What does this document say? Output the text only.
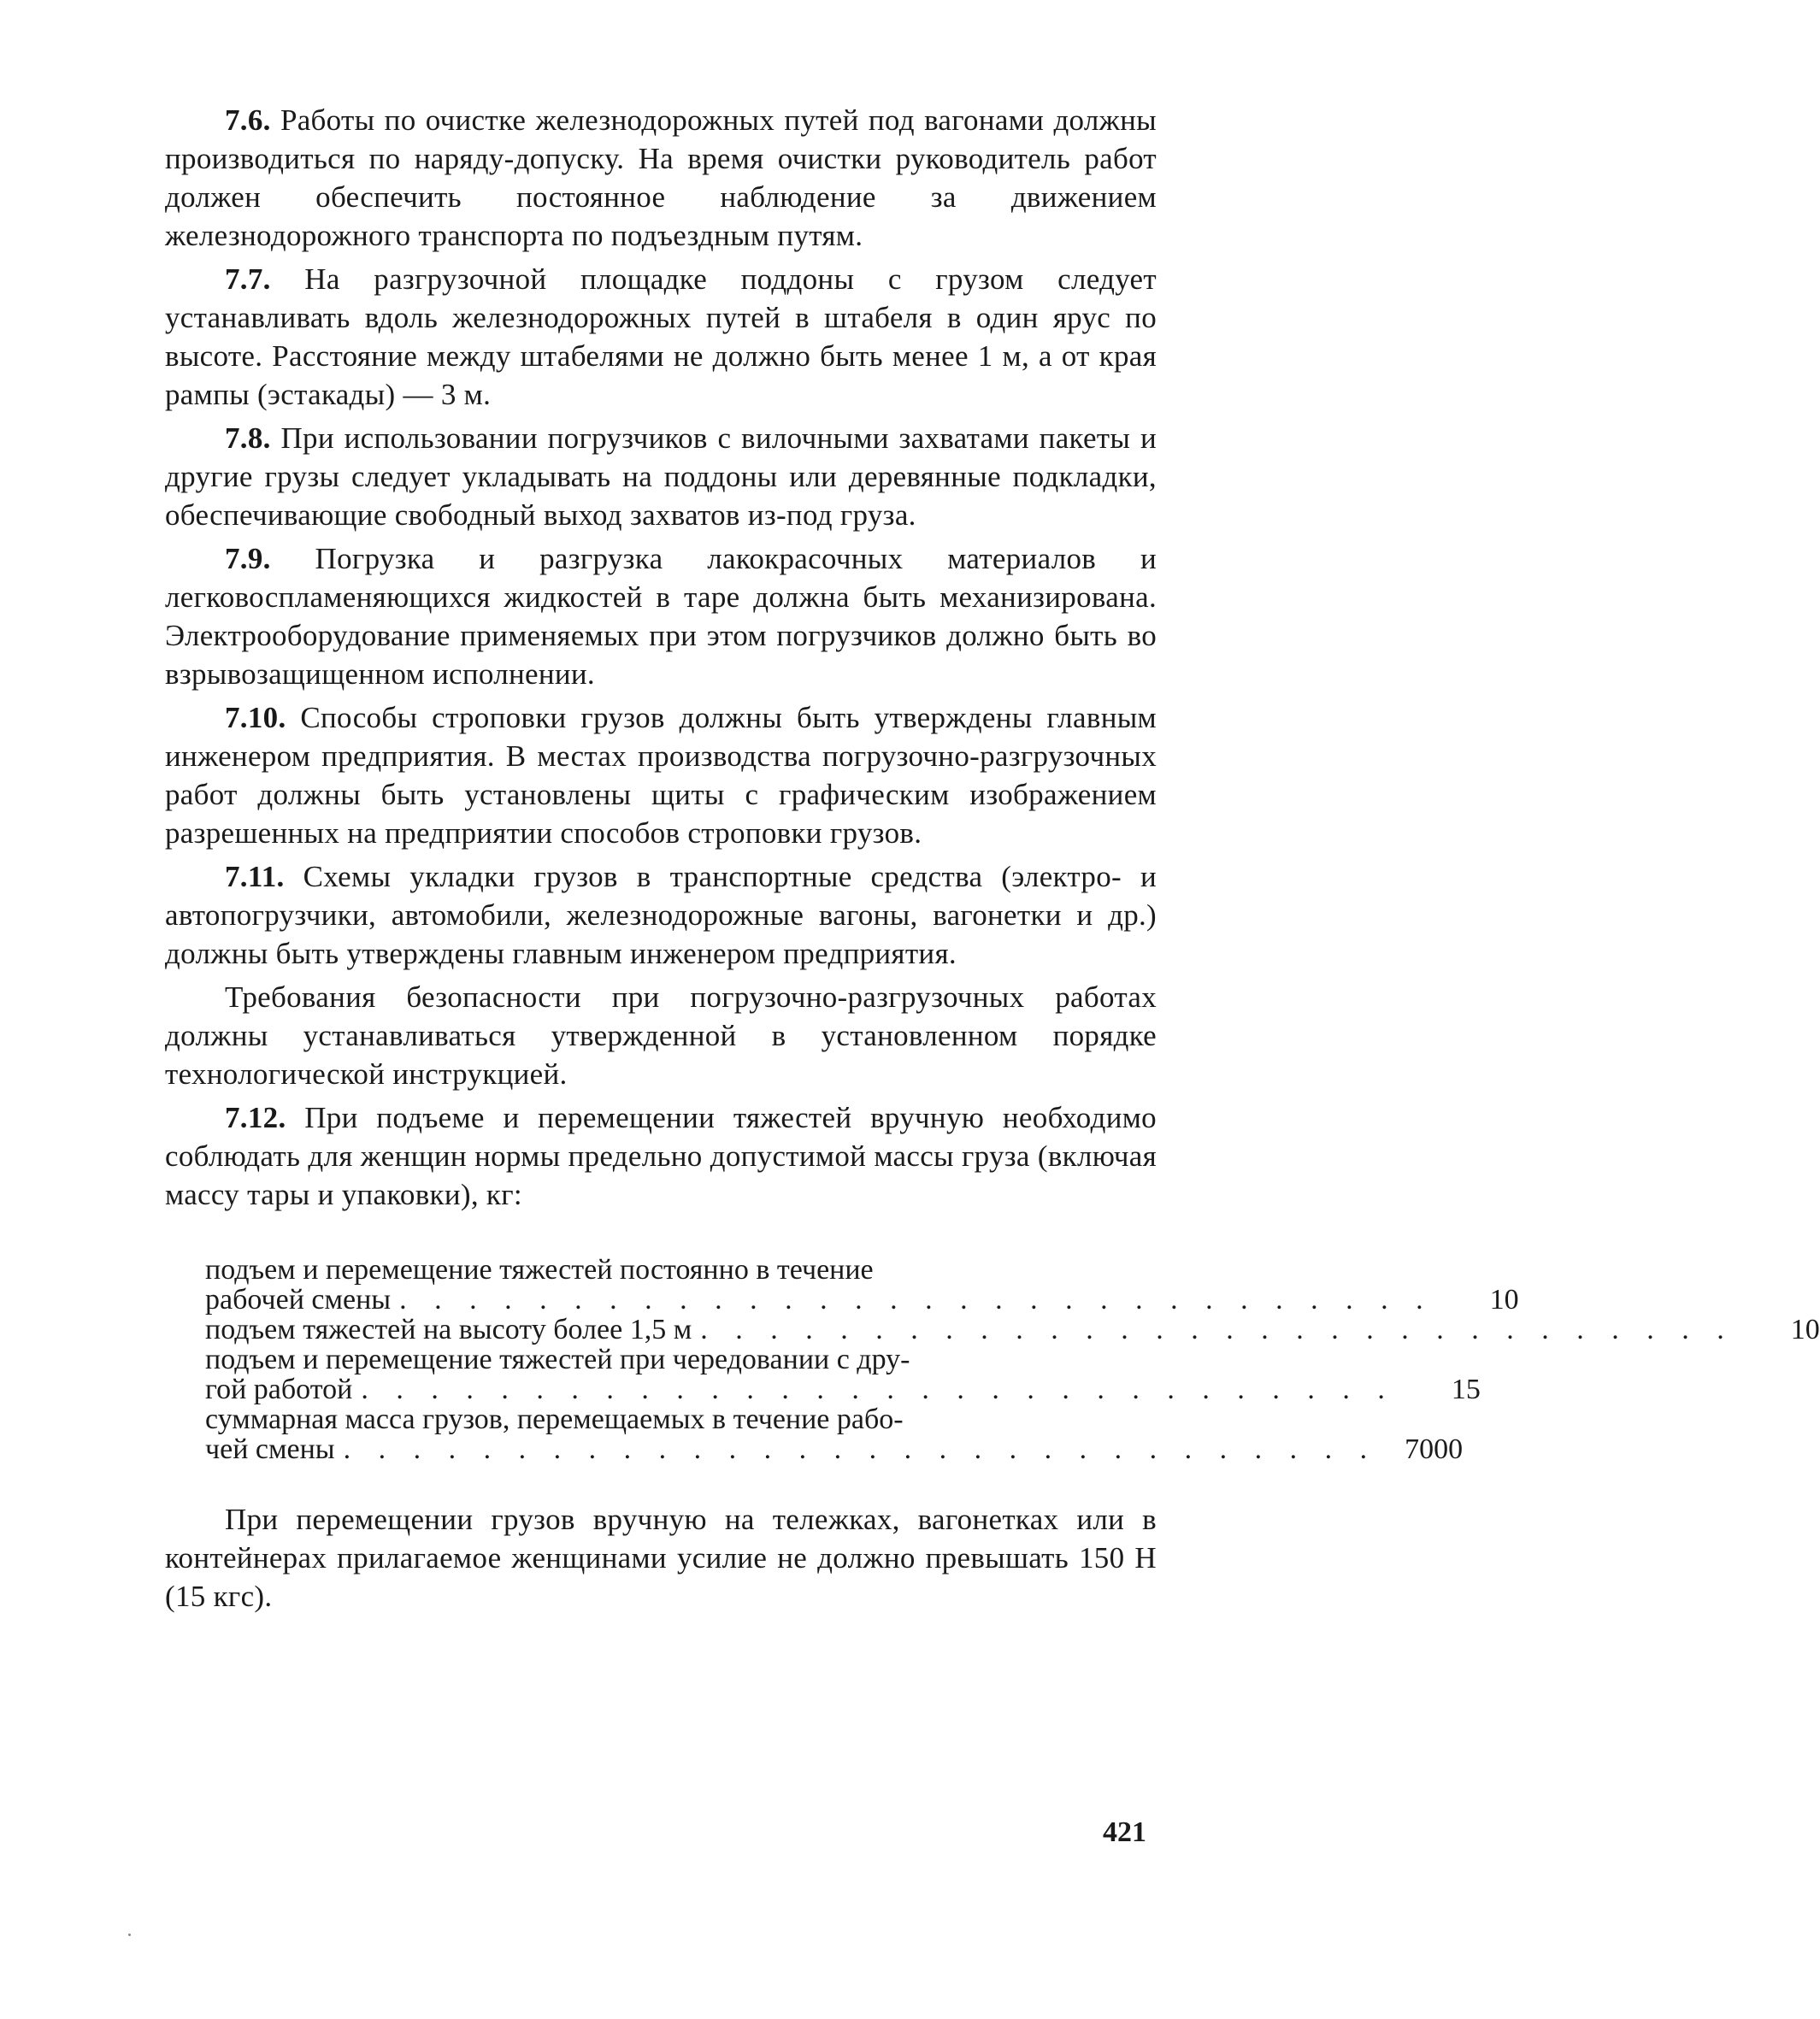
7.6. Работы по очистке железнодорожных путей под вагонами должны производиться по наряду-допуску. На время очистки руководитель работ должен обеспечить постоянное наблюдение за движением железнодорожного транспорта по подъездным путям.

7.7. На разгрузочной площадке поддоны с грузом следует устанавливать вдоль железнодорожных путей в штабеля в один ярус по высоте. Расстояние между штабелями не должно быть менее 1 м, а от края рампы (эстакады) — 3 м.

7.8. При использовании погрузчиков с вилочными захватами пакеты и другие грузы следует укладывать на поддоны или деревянные подкладки, обеспечивающие свободный выход захватов из-под груза.

7.9. Погрузка и разгрузка лакокрасочных материалов и легковоспламеняющихся жидкостей в таре должна быть механизирована. Электрооборудование применяемых при этом погрузчиков должно быть во взрывозащищенном исполнении.

7.10. Способы строповки грузов должны быть утверждены главным инженером предприятия. В местах производства погрузочно-разгрузочных работ должны быть установлены щиты с графическим изображением разрешенных на предприятии способов строповки грузов.

7.11. Схемы укладки грузов в транспортные средства (электро- и автопогрузчики, автомобили, железнодорожные вагоны, вагонетки и др.) должны быть утверждены главным инженером предприятия.

Требования безопасности при погрузочно-разгрузочных работах должны устанавливаться утвержденной в установленном порядке технологической инструкцией.

7.12. При подъеме и перемещении тяжестей вручную необходимо соблюдать для женщин нормы предельно допустимой массы груза (включая массу тары и упаковки), кг:

подъем и перемещение тяжестей постоянно в течение
рабочей смены . . . . . . . . . . . . . . . . . . . . . . . . . . . . . .	10
подъем тяжестей на высоту более 1,5 м . . . . . . . . . . . . . . . . . . . . . . . . . . . . . .	10
подъем и перемещение тяжестей при чередовании с дру-
гой работой . . . . . . . . . . . . . . . . . . . . . . . . . . . . . .	15
суммарная масса грузов, перемещаемых в течение рабо-
чей смены . . . . . . . . . . . . . . . . . . . . . . . . . . . . . . 7000

При перемещении грузов вручную на тележках, вагонетках или в контейнерах прилагаемое женщинами усилие не должно превышать 150 Н (15 кгс).

421
